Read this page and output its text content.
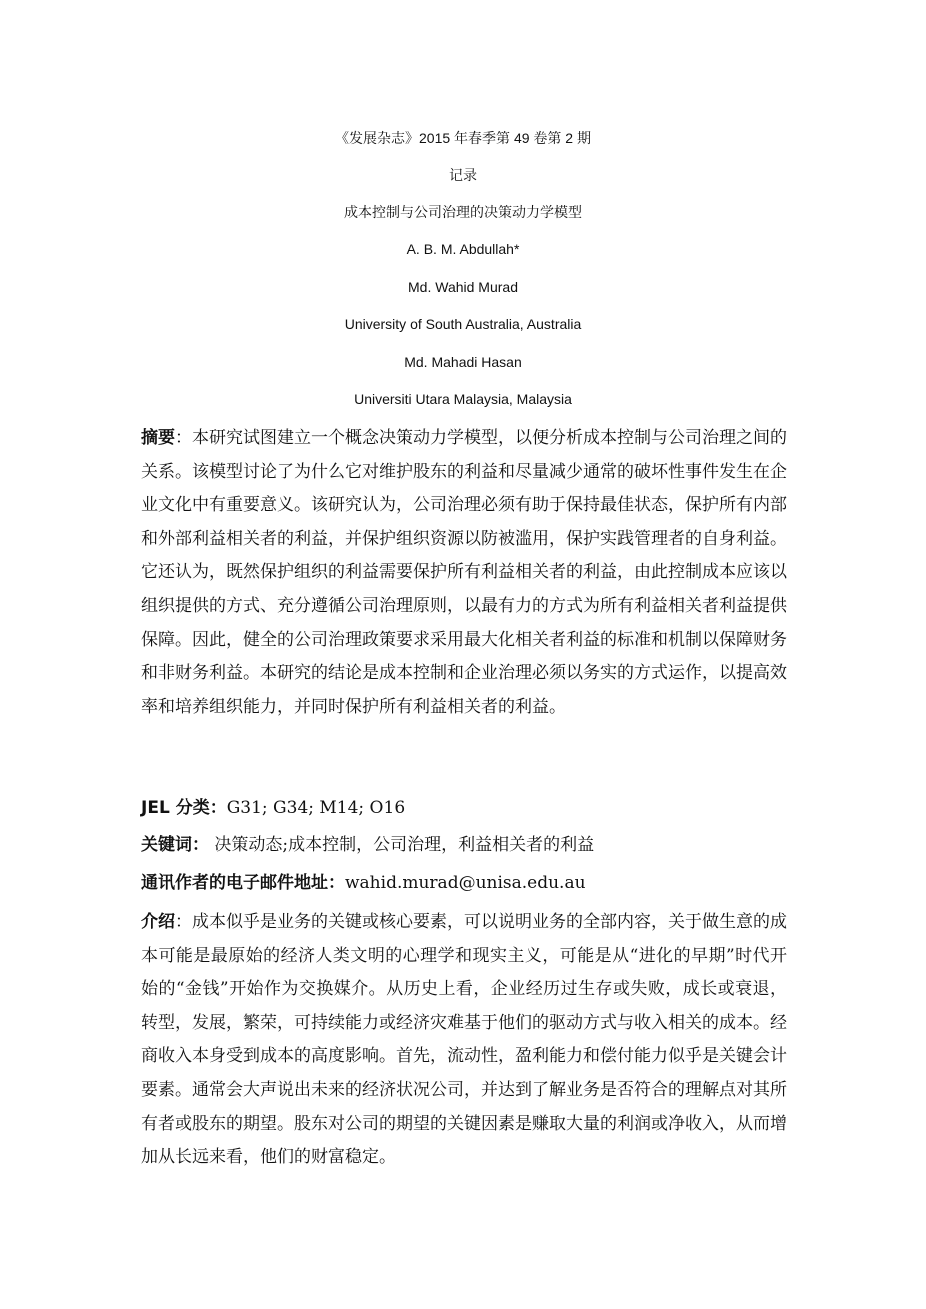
《发展杂志》2015 年春季第 49 卷第 2 期
记录
成本控制与公司治理的决策动力学模型
A. B. M. Abdullah*
Md. Wahid Murad
University of South Australia, Australia
Md. Mahadi Hasan
Universiti Utara Malaysia, Malaysia
摘要：本研究试图建立一个概念决策动力学模型，以便分析成本控制与公司治理之间的关系。该模型讨论了为什么它对维护股东的利益和尽量减少通常的破坏性事件发生在企业文化中有重要意义。该研究认为，公司治理必须有助于保持最佳状态，保护所有内部和外部利益相关者的利益，并保护组织资源以防被滥用，保护实践管理者的自身利益。它还认为，既然保护组织的利益需要保护所有利益相关者的利益，由此控制成本应该以组织提供的方式、充分遵循公司治理原则，以最有力的方式为所有利益相关者利益提供保障。因此，健全的公司治理政策要求采用最大化相关者利益的标准和机制以保障财务和非财务利益。本研究的结论是成本控制和企业治理必须以务实的方式运作，以提高效率和培养组织能力，并同时保护所有利益相关者的利益。
JEL 分类：G31; G34; M14; O16
关键词： 决策动态;成本控制，公司治理，利益相关者的利益
通讯作者的电子邮件地址：wahid.murad@unisa.edu.au
介绍：成本似乎是业务的关键或核心要素，可以说明业务的全部内容，关于做生意的成本可能是最原始的经济人类文明的心理学和现实主义，可能是从“进化的早期”时代开始的“金钱”开始作为交换媒介。从历史上看，企业经历过生存或失败，成长或衰退，转型，发展，繁荣，可持续能力或经济灾难基于他们的驱动方式与收入相关的成本。经商收入本身受到成本的高度影响。首先，流动性，盈利能力和偿付能力似乎是关键会计要素。通常会大声说出未来的经济状况公司，并达到了解业务是否符合的理解点对其所有者或股东的期望。股东对公司的期望的关键因素是赚取大量的利润或净收入，从而增加从长远来看，他们的财富稳定。
